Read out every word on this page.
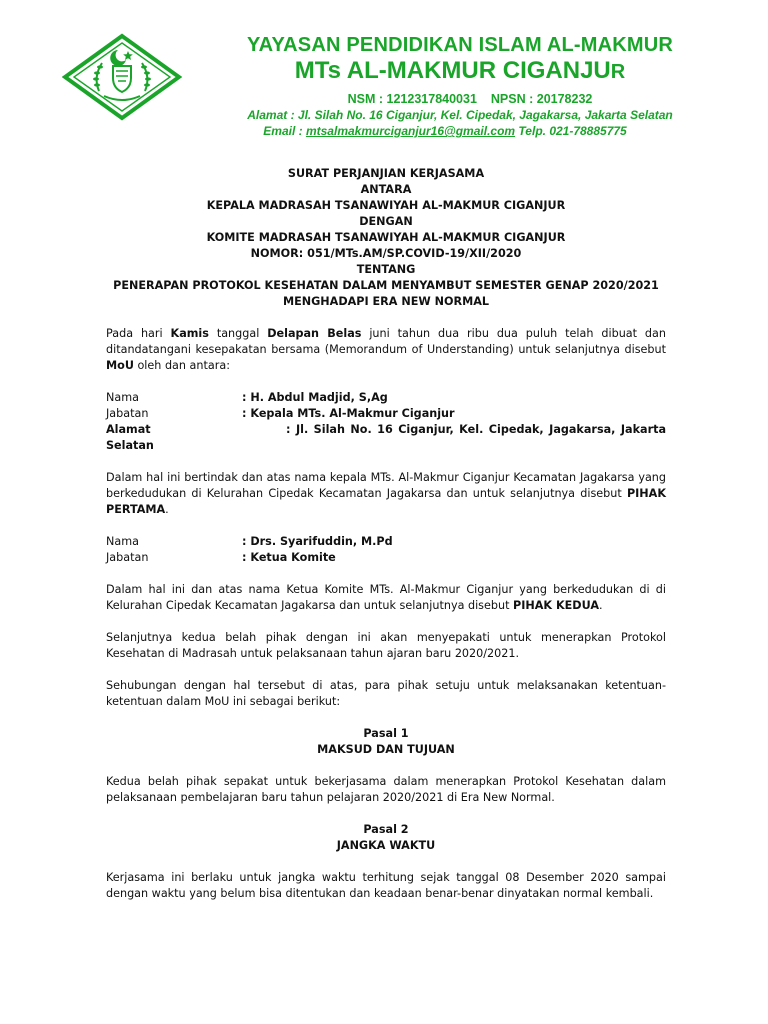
YAYASAN PENDIDIKAN ISLAM AL-MAKMUR
MTs AL-MAKMUR CIGANJUR
NSM : 1212317840031 NPSN : 20178232
Alamat : Jl. Silah No. 16 Ciganjur, Kel. Cipedak, Jagakarsa, Jakarta Selatan
Email : mtsalmakmurciganjur16@gmail.com Telp. 021-78885775
SURAT PERJANJIAN KERJASAMA
ANTARA
KEPALA MADRASAH TSANAWIYAH AL-MAKMUR CIGANJUR
DENGAN
KOMITE MADRASAH TSANAWIYAH AL-MAKMUR CIGANJUR
NOMOR: 051/MTs.AM/SP.COVID-19/XII/2020
TENTANG
PENERAPAN PROTOKOL KESEHATAN DALAM MENYAMBUT SEMESTER GENAP 2020/2021
MENGHADAPI ERA NEW NORMAL

Pada hari Kamis tanggal Delapan Belas juni tahun dua ribu dua puluh telah dibuat dan ditandatangani kesepakatan bersama (Memorandum of Understanding) untuk selanjutnya disebut MoU oleh dan antara:

Nama	: H. Abdul Madjid, S,Ag
Jabatan	: Kepala MTs. Al-Makmur Ciganjur
Alamat	: Jl. Silah No. 16 Ciganjur, Kel. Cipedak, Jagakarsa, Jakarta
Selatan

Dalam hal ini bertindak dan atas nama kepala MTs. Al-Makmur Ciganjur Kecamatan Jagakarsa yang berkedudukan di Kelurahan Cipedak Kecamatan Jagakarsa dan untuk selanjutnya disebut PIHAK PERTAMA.

Nama	: Drs. Syarifuddin, M.Pd
Jabatan	: Ketua Komite

Dalam hal ini dan atas nama Ketua Komite MTs. Al-Makmur Ciganjur yang berkedudukan di di Kelurahan Cipedak Kecamatan Jagakarsa dan untuk selanjutnya disebut PIHAK KEDUA.

Selanjutnya kedua belah pihak dengan ini akan menyepakati untuk menerapkan Protokol Kesehatan di Madrasah untuk pelaksanaan tahun ajaran baru 2020/2021.

Sehubungan dengan hal tersebut di atas, para pihak setuju untuk melaksanakan ketentuan-ketentuan dalam MoU ini sebagai berikut:

Pasal 1
MAKSUD DAN TUJUAN

Kedua belah pihak sepakat untuk bekerjasama dalam menerapkan Protokol Kesehatan dalam pelaksanaan pembelajaran baru tahun pelajaran 2020/2021 di Era New Normal.

Pasal 2
JANGKA WAKTU

Kerjasama ini berlaku untuk jangka waktu terhitung sejak tanggal 08 Desember 2020 sampai dengan waktu yang belum bisa ditentukan dan keadaan benar-benar dinyatakan normal kembali.
